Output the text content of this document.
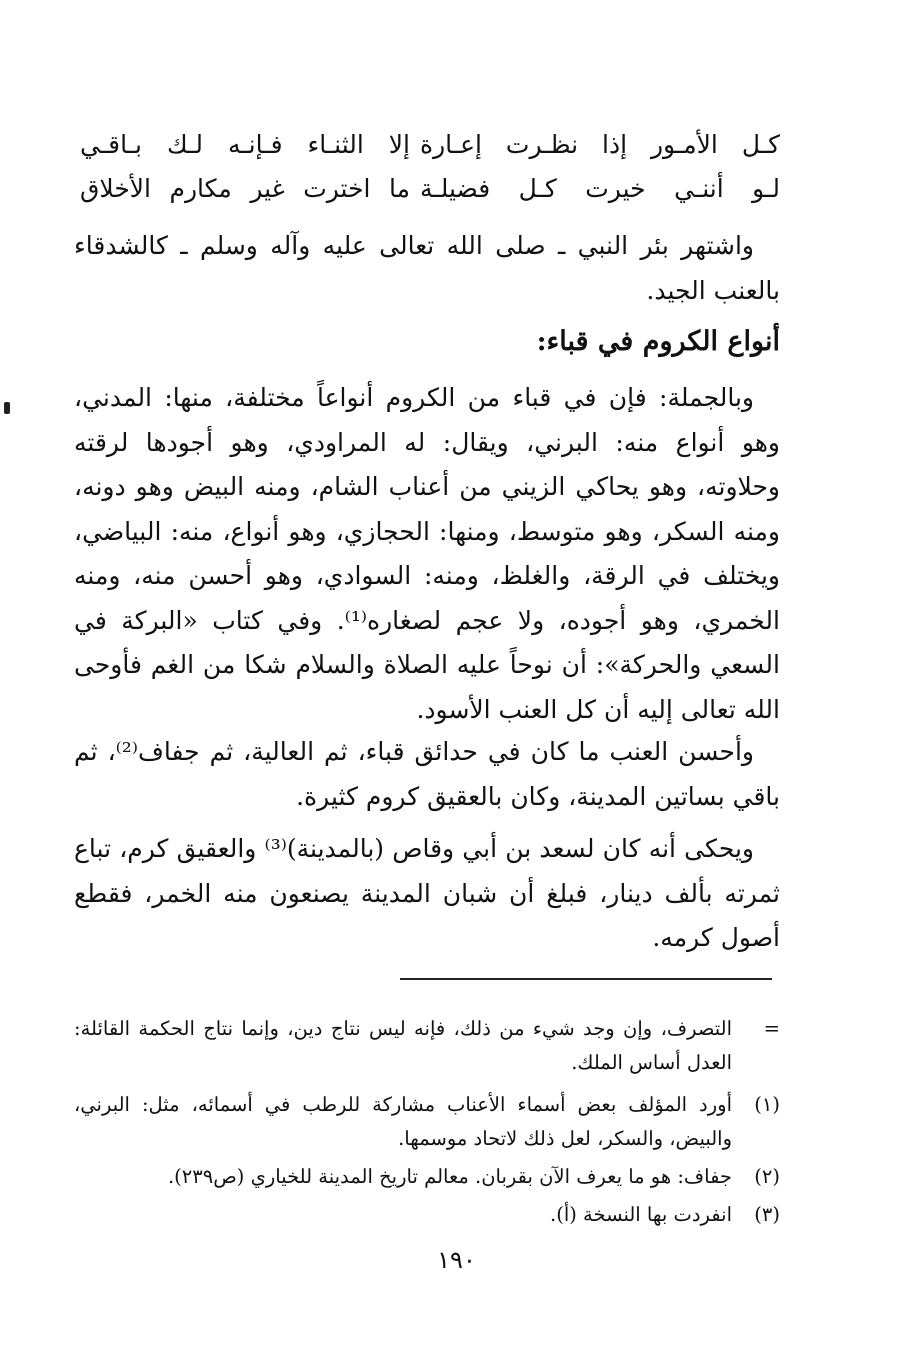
كـل الأمـور إذا نظـرت إعـارة
إلا الثنـاء فـإنـه لـك بـاقـي
لـو أننـي خيرت كـل فضيلـة
ما اخترت غير مكارم الأخلاق

واشتهر بئر النبي ـ صلى الله تعالى عليه وآله وسلم ـ كالشدقاء بالعنب الجيد.

أنواع الكروم في قباء:

وبالجملة: فإن في قباء من الكروم أنواعاً مختلفة، منها: المدني، وهو أنواع منه: البرني، ويقال: له المراودي، وهو أجودها لرقته وحلاوته، وهو يحاكي الزيني من أعناب الشام، ومنه البيض وهو دونه، ومنه السكر، وهو متوسط، ومنها: الحجازي، وهو أنواع، منه: البياضي، ويختلف في الرقة، والغلظ، ومنه: السوادي، وهو أحسن منه، ومنه الخمري، وهو أجوده، ولا عجم لصغاره⁽¹⁾. وفي كتاب «البركة في السعي والحركة»: أن نوحاً عليه الصلاة والسلام شكا من الغم فأوحى الله تعالى إليه أن كل العنب الأسود.

وأحسن العنب ما كان في حدائق قباء، ثم العالية، ثم جفاف⁽²⁾، ثم باقي بساتين المدينة، وكان بالعقيق كروم كثيرة.

ويحكى أنه كان لسعد بن أبي وقاص (بالمدينة)⁽³⁾ والعقيق كرم، تباع ثمرته بألف دينار، فبلغ أن شبان المدينة يصنعون منه الخمر، فقطع أصول كرمه.

=
التصرف، وإن وجد شيء من ذلك، فإنه ليس نتاج دين، وإنما نتاج الحكمة القائلة: العدل أساس الملك.
(١)
أورد المؤلف بعض أسماء الأعناب مشاركة للرطب في أسمائه، مثل: البرني، والبيض، والسكر، لعل ذلك لاتحاد موسمها.
(٢)
جفاف: هو ما يعرف الآن بقربان. معالم تاريخ المدينة للخياري (ص٢٣٩).
(٣)
انفردت بها النسخة (أ).
١٩٠
